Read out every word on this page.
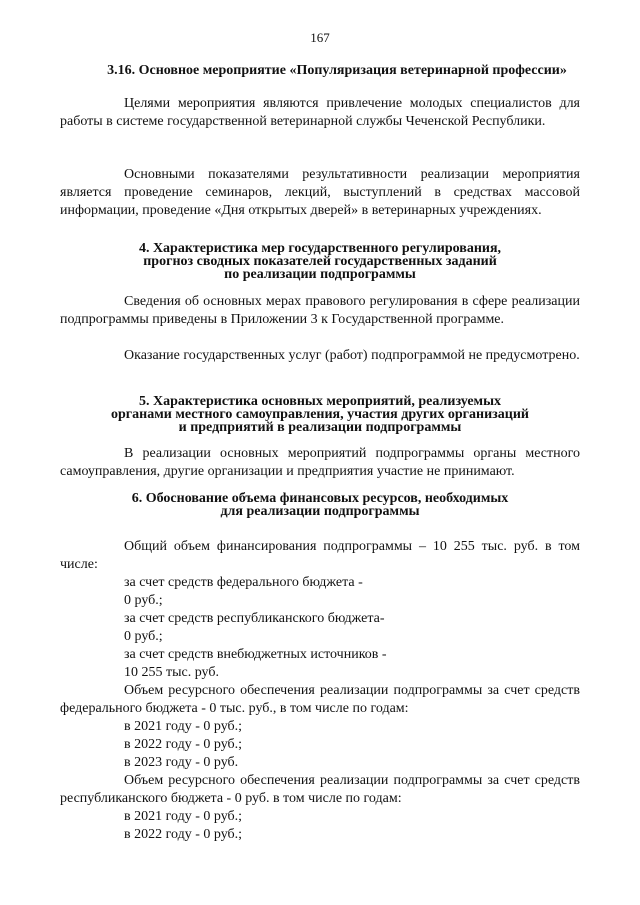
167
3.16. Основное мероприятие «Популяризация ветеринарной профессии»
Целями мероприятия являются привлечение молодых специалистов для работы в системе государственной ветеринарной службы Чеченской Республики.
Основными показателями результативности реализации мероприятия является проведение семинаров, лекций, выступлений в средствах массовой информации, проведение «Дня открытых дверей» в ветеринарных учреждениях.
4. Характеристика мер государственного регулирования,
прогноз сводных показателей государственных заданий
по реализации подпрограммы
Сведения об основных мерах правового регулирования в сфере реализации подпрограммы приведены в Приложении 3 к Государственной программе.
Оказание государственных услуг (работ) подпрограммой не предусмотрено.
5. Характеристика основных мероприятий, реализуемых
органами местного самоуправления, участия других организаций
и предприятий в реализации подпрограммы
В реализации основных мероприятий подпрограммы органы местного самоуправления, другие организации и предприятия участие не принимают.
6. Обоснование объема финансовых ресурсов, необходимых
для реализации подпрограммы
Общий объем финансирования подпрограммы – 10 255 тыс. руб. в том числе:
за счет средств федерального бюджета -
0 руб.;
за счет средств республиканского бюджета-
0 руб.;
за счет средств внебюджетных источников -
10 255 тыс. руб.
Объем ресурсного обеспечения реализации подпрограммы за счет средств федерального бюджета - 0 тыс. руб., в том числе по годам:
в 2021 году - 0 руб.;
в 2022 году - 0 руб.;
в 2023 году - 0 руб.
Объем ресурсного обеспечения реализации подпрограммы за счет средств республиканского бюджета - 0 руб. в том числе по годам:
в 2021 году - 0 руб.;
в 2022 году - 0 руб.;
